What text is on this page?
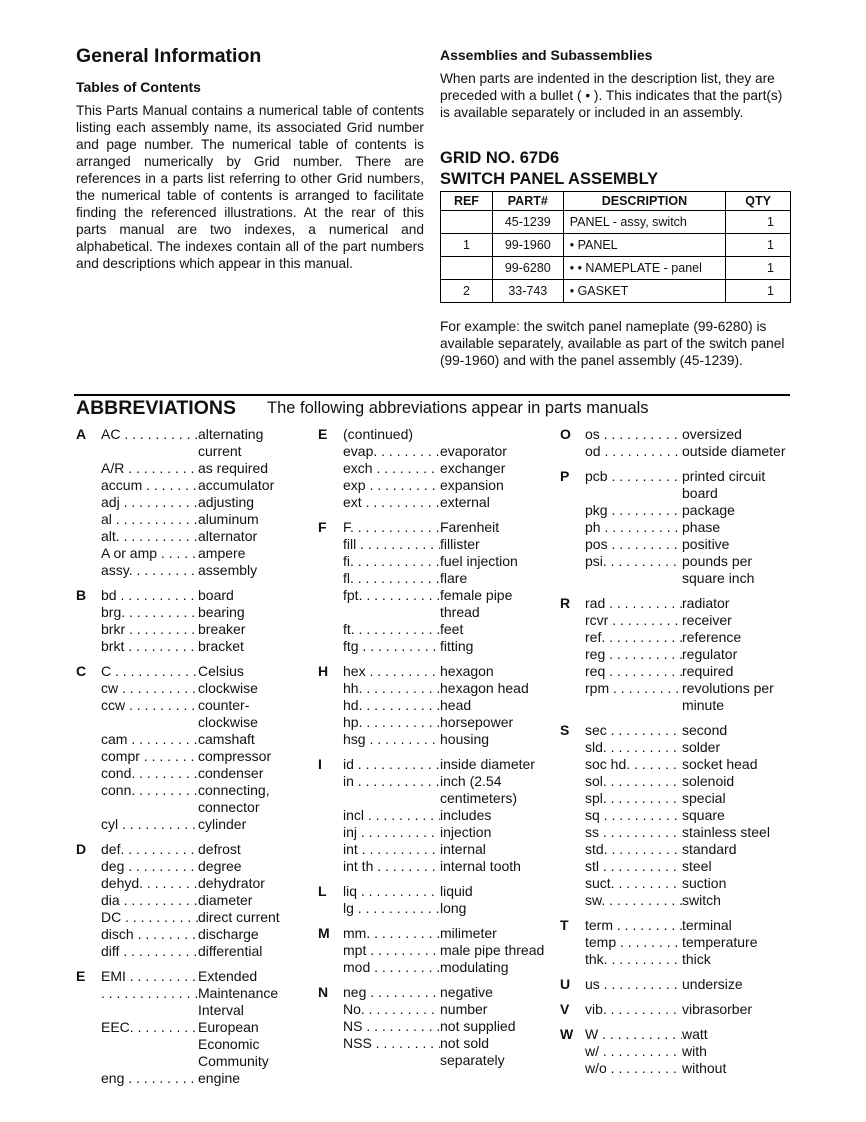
General Information
Tables of Contents
This Parts Manual contains a numerical table of contents listing each assembly name, its associated Grid number and page number. The numerical table of contents is arranged numerically by Grid number. There are references in a parts list referring to other Grid numbers, the numerical table of contents is arranged to facilitate finding the referenced illustrations. At the rear of this parts manual are two indexes, a numerical and alphabetical. The indexes contain all of the part numbers and descriptions which appear in this manual.
Assemblies and Subassemblies
When parts are indented in the description list, they are preceded with a bullet ( • ). This indicates that the part(s) is available separately or included in an assembly.
GRID NO. 67D6
SWITCH PANEL ASSEMBLY
REF	PART#	DESCRIPTION	QTY
	45-1239	PANEL - assy, switch	1
1	99-1960	• PANEL	1
	99-6280	• • NAMEPLATE - panel	1
2	33-743	• GASKET	1
For example: the switch panel nameplate (99-6280) is available separately, available as part of the switch panel (99-1960) and with the panel assembly (45-1239).
ABBREVIATIONS The following abbreviations appear in parts manuals
A AC . . .	alternating
current
A/R . . .	as required
accum . . .	accumulator
adj . . .	adjusting
al . . .	aluminum
alt. . . .	alternator
A or amp . . .	ampere
assy. . . .	assembly
B bd . . .	board
brg. . . .	bearing
brkr . . .	breaker
brkt . . .	bracket
C C . . .	Celsius
cw . . .	clockwise
ccw . . .	counter-
clockwise
cam . . .	camshaft
compr . . .	compressor
cond. . . .	condenser
conn. . . .	connecting,
connector
cyl . . .	cylinder
D def. . . .	defrost
deg . . .	degree
dehyd. . . .	dehydrator
dia . . .	diameter
DC . . .	direct current
disch . . .	discharge
diff . . .	differential
E EMI . . .	Extended
. . .
Maintenance
Interval
EEC. . . .	European
Economic
Community
eng . . .	engine
E (continued)
evap. . . .	evaporator
exch . . .	exchanger
exp . . .	expansion
ext . . .	external
F F. . . .	Farenheit
fill . . .	fillister
fi. . . .	fuel injection
fl. . . .	flare
fpt. . . .	female pipe
thread
ft. . . .	feet
ftg . . .	fitting
H hex . . .	hexagon
hh. . . .	hexagon head
hd. . . .	head
hp. . . .	horsepower
hsg . . .	housing
I id . . .	inside diameter
in . . .	inch (2.54
centimeters)
incl . . .	includes
inj . . .	injection
int . . .	internal
int th . . .	internal tooth
L liq . . .	liquid
lg . . .	long
M mm. . . .	milimeter
mpt . . .	male pipe thread
mod . . .	modulating
N neg . . .	negative
No. . . .	number
NS . . .	not supplied
NSS . . .	not sold
separately
O os . . .	oversized
od . . .	outside diameter
P pcb . . .	printed circuit
board
pkg . . .	package
ph . . .	phase
pos . . .	positive
psi. . . .	pounds per
square inch
R rad . . .	radiator
rcvr . . .	receiver
ref. . . .	reference
reg . . .	regulator
req . . .	required
rpm . . .	revolutions per
minute
S sec . . .	second
sld. . . .	solder
soc hd. . . .	socket head
sol. . . .	solenoid
spl. . . .	special
sq . . .	square
ss . . .	stainless steel
std. . . .	standard
stl . . .	steel
suct. . . .	suction
sw. . . .	switch
T term . . .	terminal
temp . . .	temperature
thk. . . .	thick
U us . . .	undersize
V vib. . . .	vibrasorber
W W . . .	watt
w/ . . .	with
w/o . . .	without
